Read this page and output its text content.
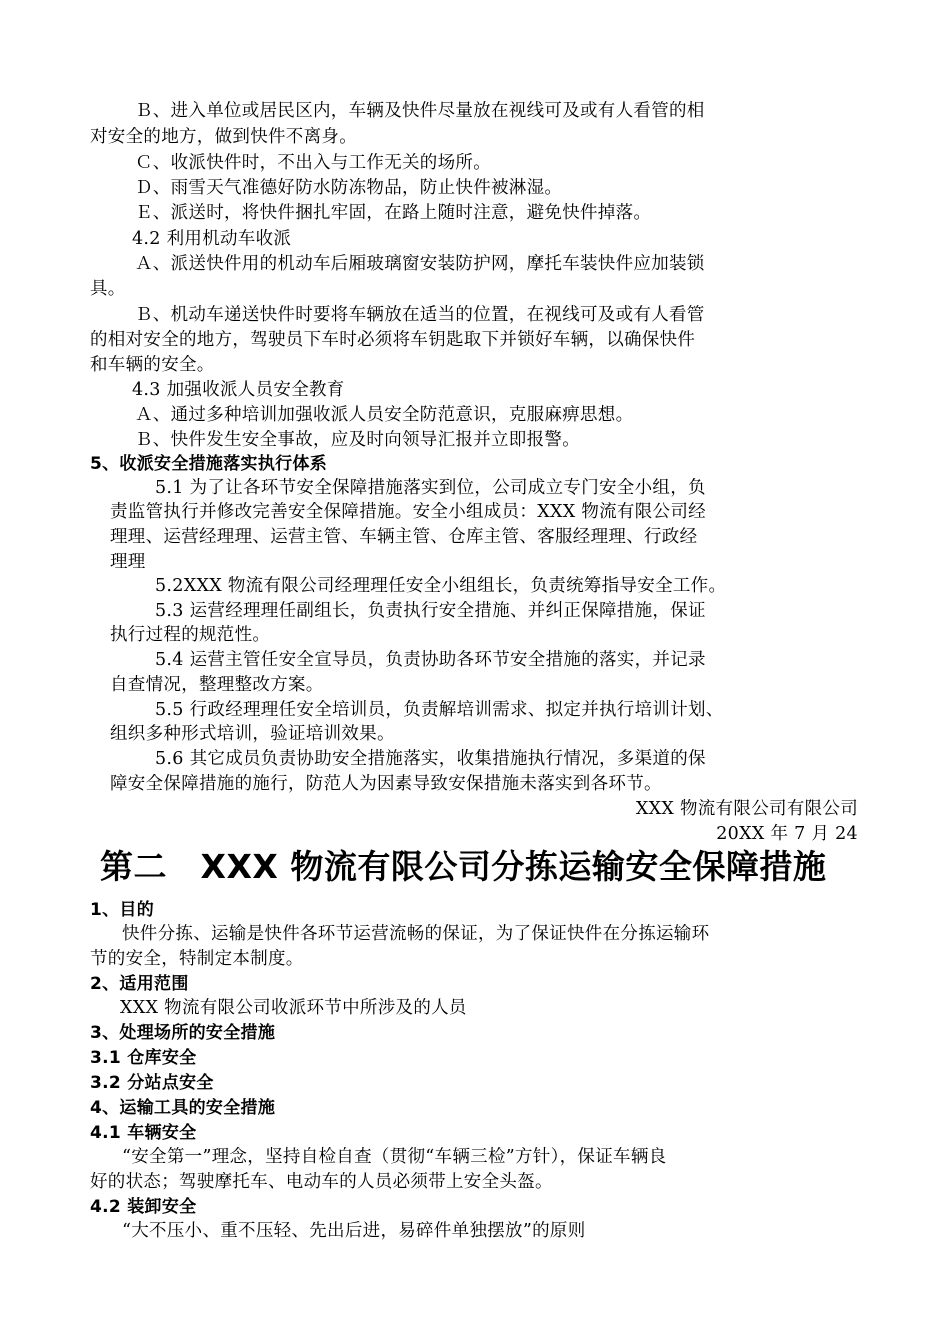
Ｂ、进入单位或居民区内，车辆及快件尽量放在视线可及或有人看管的相
对安全的地方，做到快件不离身。
Ｃ、收派快件时，不出入与工作无关的场所。
Ｄ、雨雪天气准德好防水防冻物品，防止快件被淋湿。
Ｅ、派送时，将快件捆扎牢固，在路上随时注意，避免快件掉落。
4.2 利用机动车收派
Ａ、派送快件用的机动车后厢玻璃窗安装防护网，摩托车装快件应加装锁
具。
Ｂ、机动车递送快件时要将车辆放在适当的位置，在视线可及或有人看管
的相对安全的地方，驾驶员下车时必须将车钥匙取下并锁好车辆，以确保快件
和车辆的安全。
4.3 加强收派人员安全教育
Ａ、通过多种培训加强收派人员安全防范意识，克服麻痹思想。
Ｂ、快件发生安全事故，应及时向领导汇报并立即报警。
5、收派安全措施落实执行体系
5.1 为了让各环节安全保障措施落实到位，公司成立专门安全小组，负
责监管执行并修改完善安全保障措施。安全小组成员：XXX 物流有限公司经
理理、运营经理理、运营主管、车辆主管、仓库主管、客服经理理、行政经
理理
5.2XXX 物流有限公司经理理任安全小组组长，负责统筹指导安全工作。
5.3 运营经理理任副组长，负责执行安全措施、并纠正保障措施，保证
执行过程的规范性。
5.4 运营主管任安全宣导员，负责协助各环节安全措施的落实，并记录
自查情况，整理整改方案。
5.5 行政经理理任安全培训员，负责解培训需求、拟定并执行培训计划、
组织多种形式培训，验证培训效果。
5.6 其它成员负责协助安全措施落实，收集措施执行情况，多渠道的保
障安全保障措施的施行，防范人为因素导致安保措施未落实到各环节。
XXX 物流有限公司有限公司
20XX 年 7 月 24
第二　XXX 物流有限公司分拣运输安全保障措施
1、目的
快件分拣、运输是快件各环节运营流畅的保证，为了保证快件在分拣运输环
节的安全，特制定本制度。
2、适用范围
XXX 物流有限公司收派环节中所涉及的人员
3、处理场所的安全措施
3.1 仓库安全
3.2 分站点安全
4、运输工具的安全措施
4.1 车辆安全
“安全第一”理念，坚持自检自查（贯彻“车辆三检”方针），保证车辆良
好的状态；驾驶摩托车、电动车的人员必须带上安全头盔。
4.2 装卸安全
“大不压小、重不压轻、先出后进，易碎件单独摆放”的原则
